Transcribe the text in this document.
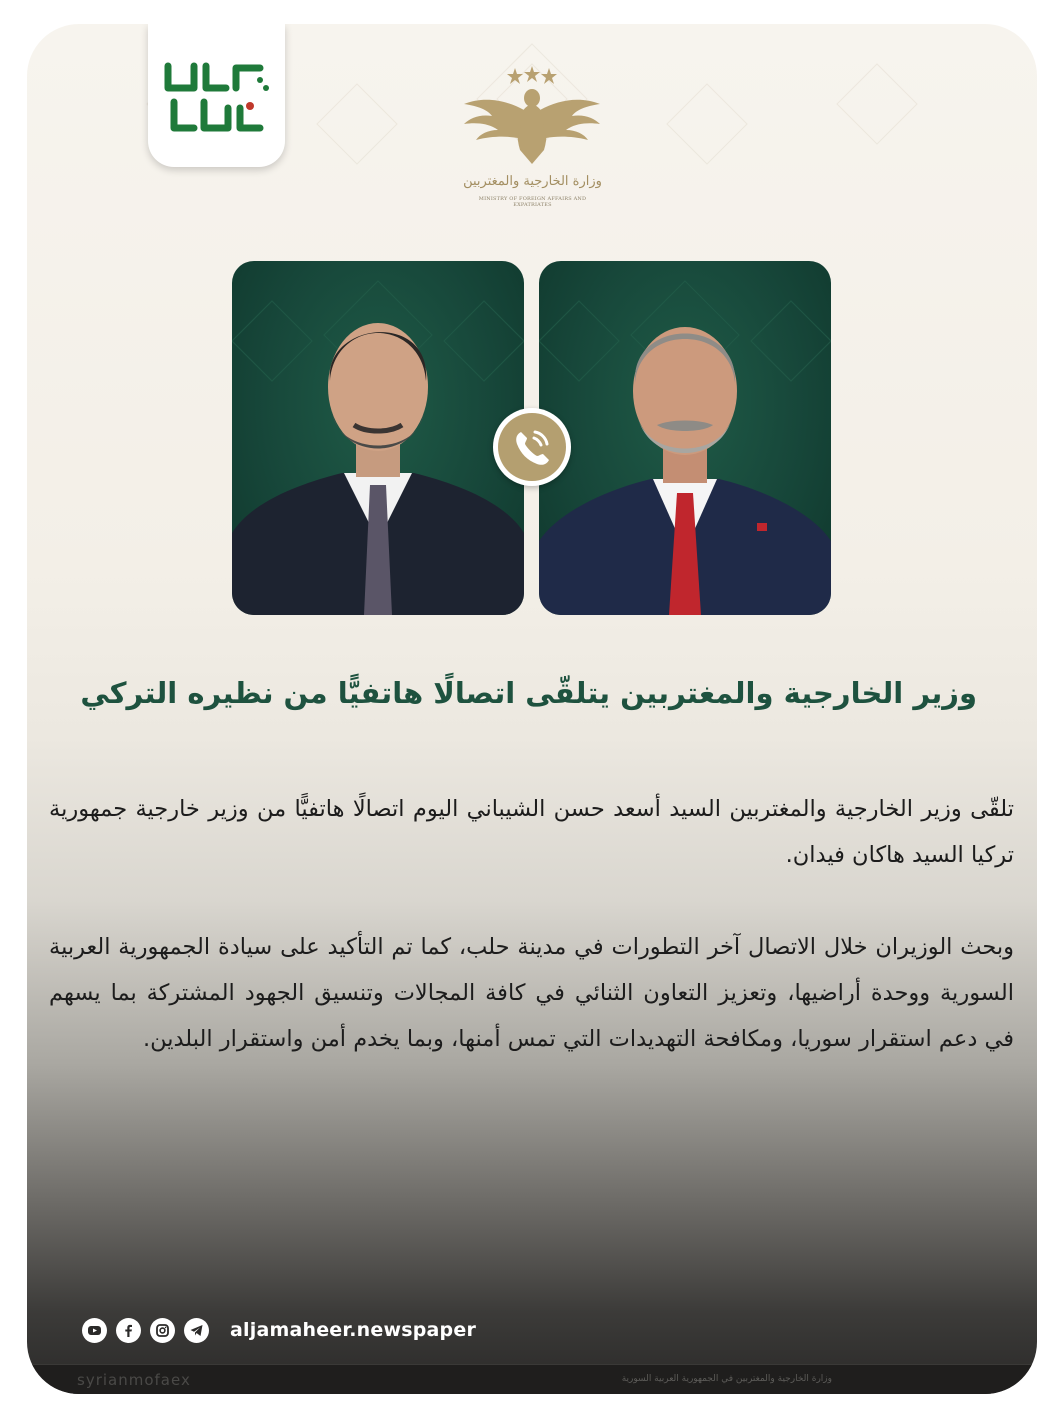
وزارة الخارجية والمغتربين
MINISTRY OF FOREIGN AFFAIRS AND EXPATRIATES
وزير الخارجية والمغتربين يتلقّى اتصالًا هاتفيًّا من نظيره التركي
تلقّى وزير الخارجية والمغتربين السيد أسعد حسن الشيباني اليوم اتصالًا هاتفيًّا من وزير خارجية جمهورية تركيا السيد هاكان فيدان.
وبحث الوزيران خلال الاتصال آخر التطورات في مدينة حلب، كما تم التأكيد على سيادة الجمهورية العربية السورية ووحدة أراضيها، وتعزيز التعاون الثنائي في كافة المجالات وتنسيق الجهود المشتركة بما يسهم في دعم استقرار سوريا، ومكافحة التهديدات التي تمس أمنها، وبما يخدم أمن واستقرار البلدين.
aljamaheer.newspaper
syrianmofaex	وزارة الخارجية والمغتربين في الجمهورية العربية السورية
